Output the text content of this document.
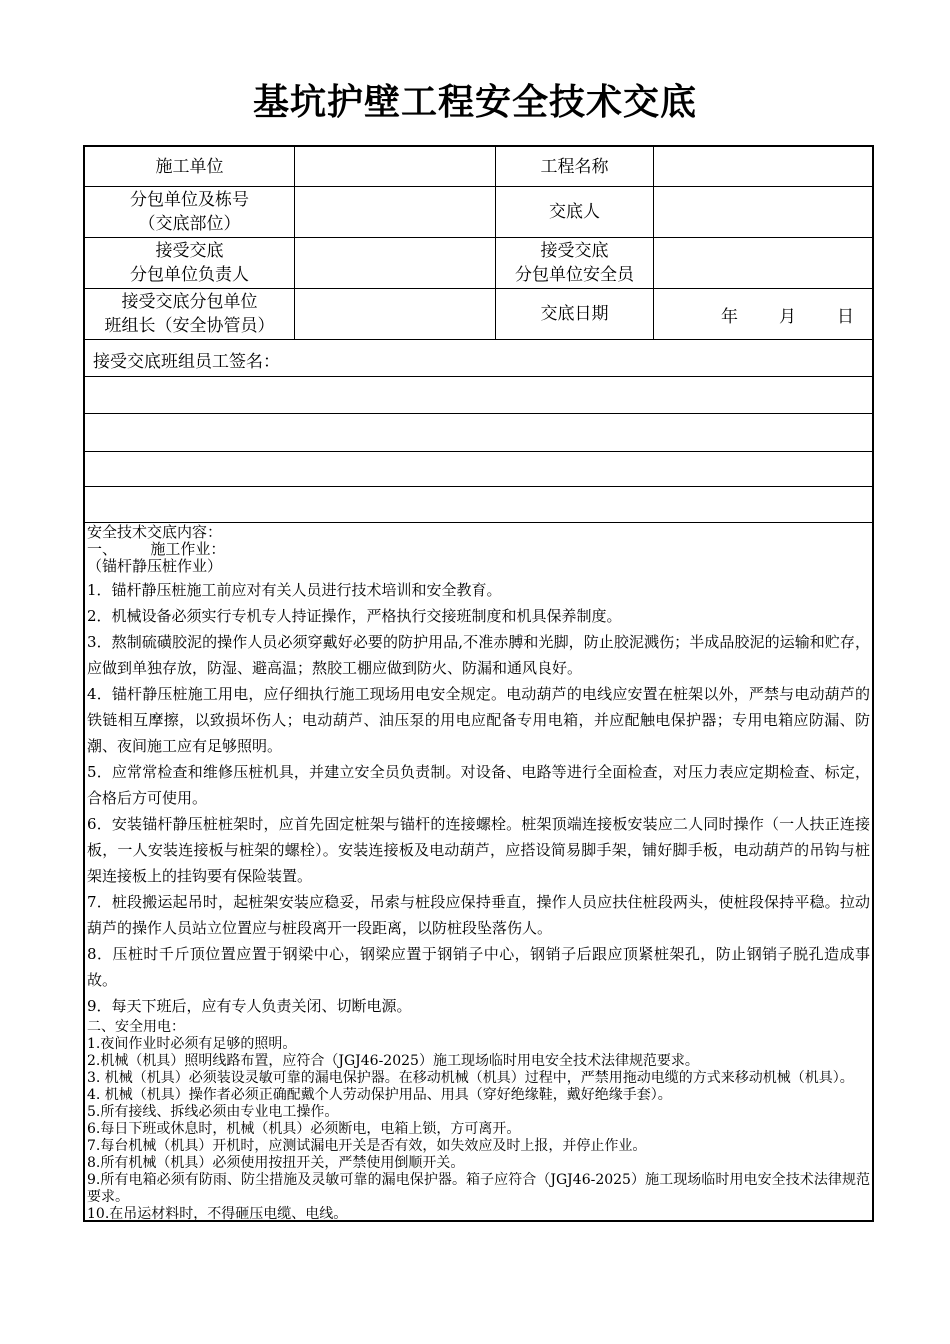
基坑护壁工程安全技术交底
施工单位	工程名称
分包单位及栋号
（交底部位）
交底人
接受交底
分包单位负责人
接受交底
分包单位安全员
接受交底分包单位
班组长（安全协管员）
交底日期	年 月 日
接受交底班组员工签名：
安全技术交底内容：
一、       施工作业：
（锚杆静压桩作业）
1．锚杆静压桩施工前应对有关人员进行技术培训和安全教育。
2．机械设备必须实行专机专人持证操作，严格执行交接班制度和机具保养制度。
3．熬制硫磺胶泥的操作人员必须穿戴好必要的防护用品,不准赤膊和光脚，防止胶泥溅伤；半成品胶泥的运输和贮存，应做到单独存放，防湿、避高温；熬胶工棚应做到防火、防漏和通风良好。
4．锚杆静压桩施工用电，应仔细执行施工现场用电安全规定。电动葫芦的电线应安置在桩架以外，严禁与电动葫芦的铁链相互摩擦，以致损坏伤人；电动葫芦、油压泵的用电应配备专用电箱，并应配触电保护器；专用电箱应防漏、防潮、夜间施工应有足够照明。
5．应常常检查和维修压桩机具，并建立安全员负责制。对设备、电路等进行全面检查，对压力表应定期检查、标定，合格后方可使用。
6．安装锚杆静压桩桩架时，应首先固定桩架与锚杆的连接螺栓。桩架顶端连接板安装应二人同时操作（一人扶正连接板，一人安装连接板与桩架的螺栓）。安装连接板及电动葫芦，应搭设简易脚手架，铺好脚手板，电动葫芦的吊钩与桩架连接板上的挂钩要有保险装置。
7．桩段搬运起吊时，起桩架安装应稳妥，吊索与桩段应保持垂直，操作人员应扶住桩段两头，使桩段保持平稳。拉动葫芦的操作人员站立位置应与桩段离开一段距离，以防桩段坠落伤人。
8．压桩时千斤顶位置应置于钢梁中心，钢梁应置于钢销子中心，钢销子后跟应顶紧桩架孔，防止钢销子脱孔造成事故。
9．每天下班后，应有专人负责关闭、切断电源。
二、安全用电：
1.夜间作业时必须有足够的照明。
2.机械（机具）照明线路布置，应符合（JGJ46-2025）施工现场临时用电安全技术法律规范要求。
3. 机械（机具）必须装设灵敏可靠的漏电保护器。在移动机械（机具）过程中，严禁用拖动电缆的方式来移动机械（机具）。
4. 机械（机具）操作者必须正确配戴个人劳动保护用品、用具（穿好绝缘鞋，戴好绝缘手套）。
5.所有接线、拆线必须由专业电工操作。
6.每日下班或休息时，机械（机具）必须断电，电箱上锁，方可离开。
7.每台机械（机具）开机时，应测试漏电开关是否有效，如失效应及时上报，并停止作业。
8.所有机械（机具）必须使用按扭开关，严禁使用倒顺开关。
9.所有电箱必须有防雨、防尘措施及灵敏可靠的漏电保护器。箱子应符合（JGJ46-2025）施工现场临时用电安全技术法律规范要求。
10.在吊运材料时，不得砸压电缆、电线。
